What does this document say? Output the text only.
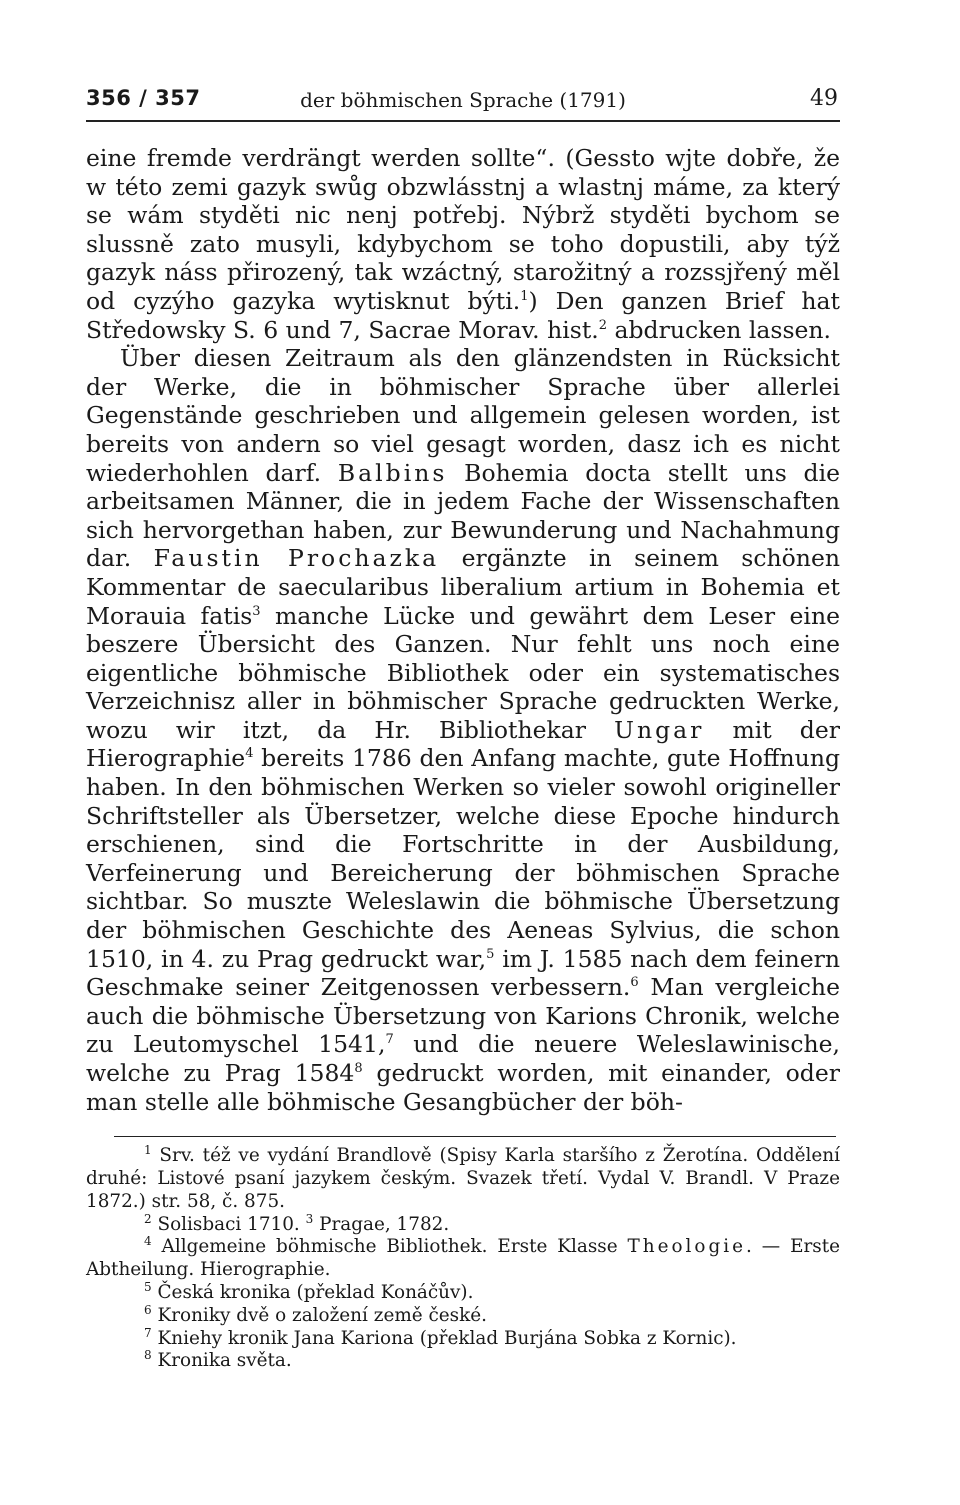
356 / 357	der böhmischen Sprache (1791)	49

eine fremde verdrängt werden sollte“. (Gessto wjte dobře, že w této zemi gazyk swůg obzwlásstnj a wlastnj máme, za který se wám styděti nic nenj potřebj. Nýbrž styděti bychom se slussně zato musyli, kdybychom se toho dopustili, aby týž gazyk náss přirozený, tak wzáctný, starožitný a rozssjřený měl od cyzýho gazyka wytisknut býti.$^1$) Den ganzen Brief hat Středowsky S. 6 und 7, Sacrae Morav. hist.$^2$ abdrucken lassen.

Über diesen Zeitraum als den glänzendsten in Rücksicht der Werke, die in böhmischer Sprache über allerlei Gegenstände geschrieben und allgemein gelesen worden, ist bereits von andern so viel gesagt worden, dasz ich es nicht wiederhohlen darf. Balbins Bohemia docta stellt uns die arbeitsamen Männer, die in jedem Fache der Wissenschaften sich hervorgethan haben, zur Bewunderung und Nachahmung dar. Faustin Prochazka ergänzte in seinem schönen Kommentar de saecularibus liberalium artium in Bohemia et Morauia fatis$^3$ manche Lücke und gewährt dem Leser eine beszere Übersicht des Ganzen. Nur fehlt uns noch eine eigentliche böhmische Bibliothek oder ein systematisches Verzeichnisz aller in böhmischer Sprache gedruckten Werke, wozu wir itzt, da Hr. Bibliothekar Ungar mit der Hierographie$^4$ bereits 1786 den Anfang machte, gute Hoffnung haben. In den böhmischen Werken so vieler sowohl origineller Schriftsteller als Übersetzer, welche diese Epoche hindurch erschienen, sind die Fortschritte in der Ausbildung, Verfeinerung und Bereicherung der böhmischen Sprache sichtbar. So muszte Weleslawin die böhmische Übersetzung der böhmischen Geschichte des Aeneas Sylvius, die schon 1510, in 4. zu Prag gedruckt war,$^5$ im J. 1585 nach dem feinern Geschmake seiner Zeitgenossen verbessern.$^6$ Man vergleiche auch die böhmische Übersetzung von Karions Chronik, welche zu Leutomyschel 1541,$^7$ und die neuere Weleslawinische, welche zu Prag 1584$^8$ gedruckt worden, mit einander, oder man stelle alle böhmische Gesangbücher der böh-

$^1$ Srv. též ve vydání Brandlově (Spisy Karla staršího z Žerotína. Oddělení druhé: Listové psaní jazykem českým. Svazek třetí. Vydal V. Brandl. V Praze 1872.) str. 58, č. 875.

$^2$ Solisbaci 1710. $^3$ Pragae, 1782.

$^4$ Allgemeine böhmische Bibliothek. Erste Klasse Theologie. — Erste Abtheilung. Hierographie.

$^5$ Česká kronika (překlad Konáčův).

$^6$ Kroniky dvě o založení země české.

$^7$ Kniehy kronik Jana Kariona (překlad Burjána Sobka z Kornic).

$^8$ Kronika světa.
